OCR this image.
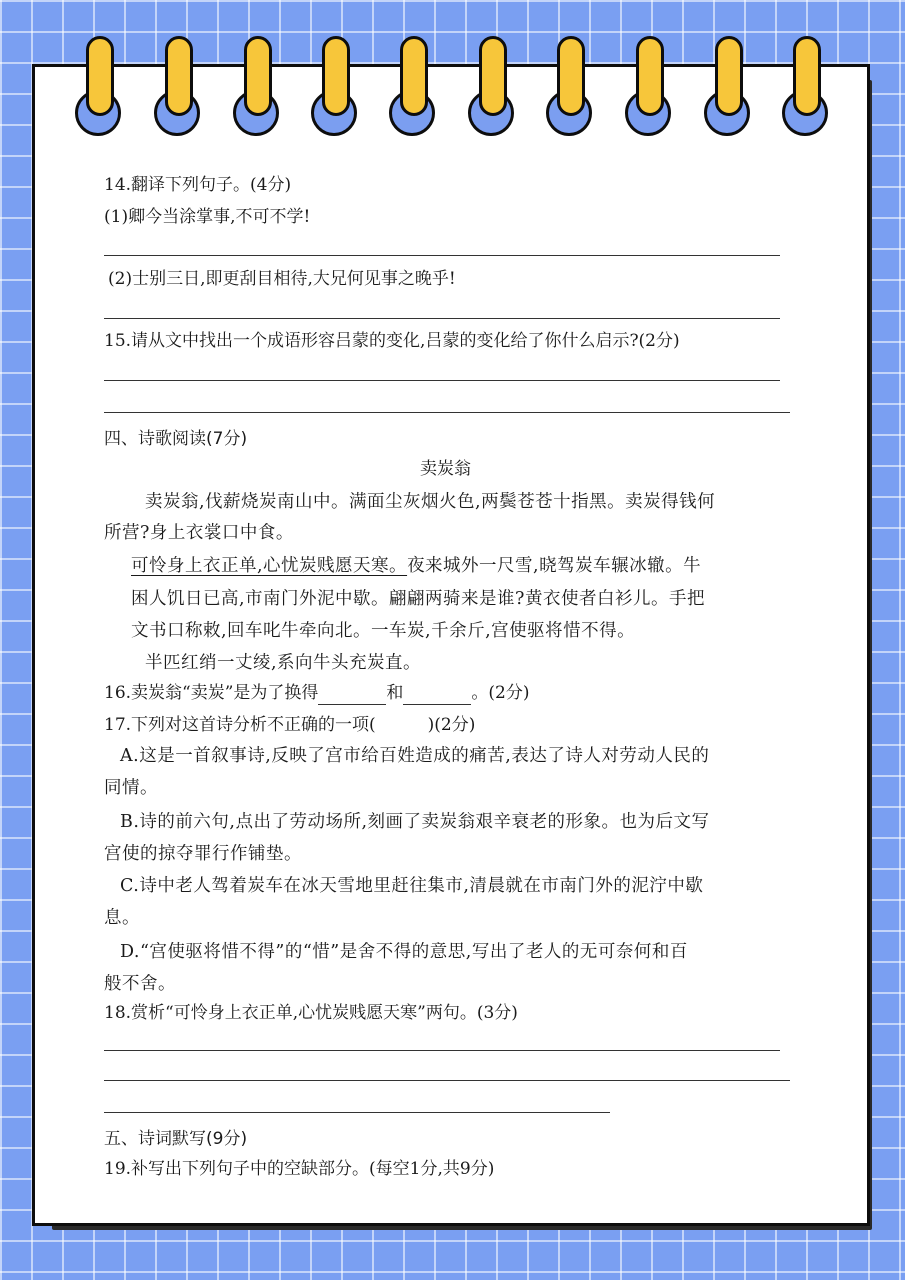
14.翻译下列句子。(4分)
(1)卿今当涂掌事,不可不学!
(2)士别三日,即更刮目相待,大兄何见事之晚乎!
15.请从文中找出一个成语形容吕蒙的变化,吕蒙的变化给了你什么启示?(2分)
四、诗歌阅读(7分)
卖炭翁
卖炭翁,伐薪烧炭南山中。满面尘灰烟火色,两鬓苍苍十指黑。卖炭得钱何
所营?身上衣裳口中食。
可怜身上衣正单,心忧炭贱愿天寒。夜来城外一尺雪,晓驾炭车辗冰辙。牛
困人饥日已高,市南门外泥中歇。翩翩两骑来是谁?黄衣使者白衫儿。手把
文书口称敕,回车叱牛牵向北。一车炭,千余斤,宫使驱将惜不得。
半匹红绡一丈绫,系向牛头充炭直。
16.卖炭翁“卖炭”是为了换得	和	。(2分)
17.下列对这首诗分析不正确的一项(	)(2分)
A.这是一首叙事诗,反映了宫市给百姓造成的痛苦,表达了诗人对劳动人民的
同情。
B.诗的前六句,点出了劳动场所,刻画了卖炭翁艰辛衰老的形象。也为后文写
宫使的掠夺罪行作铺垫。
C.诗中老人驾着炭车在冰天雪地里赶往集市,清晨就在市南门外的泥泞中歇
息。
D.“宫使驱将惜不得”的“惜”是舍不得的意思,写出了老人的无可奈何和百
般不舍。
18.赏析“可怜身上衣正单,心忧炭贱愿天寒”两句。(3分)
五、诗词默写(9分)
19.补写出下列句子中的空缺部分。(每空1分,共9分)
